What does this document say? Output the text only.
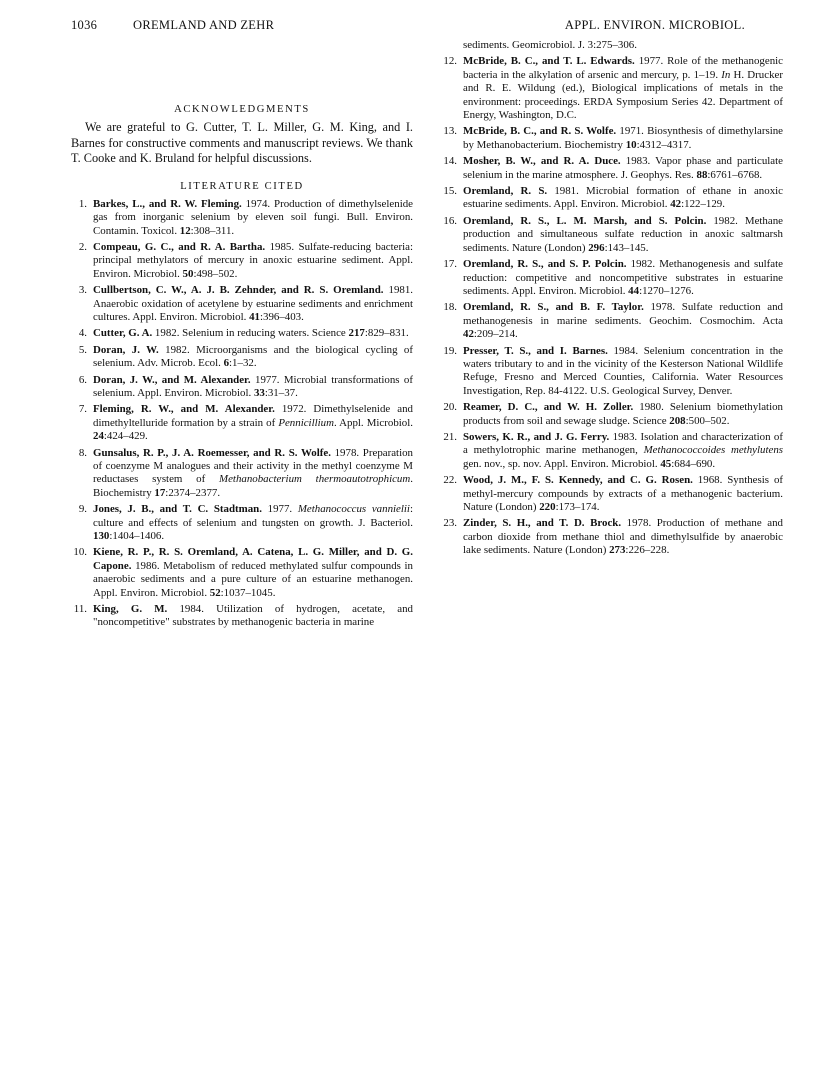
1036	OREMLAND AND ZEHR	APPL. ENVIRON. MICROBIOL.
ACKNOWLEDGMENTS

We are grateful to G. Cutter, T. L. Miller, G. M. King, and I. Barnes for constructive comments and manuscript reviews. We thank T. Cooke and K. Bruland for helpful discussions.

LITERATURE CITED
1. Barkes, L., and R. W. Fleming. 1974. Production of dimethylselenide gas from inorganic selenium by eleven soil fungi. Bull. Environ. Contamin. Toxicol. 12:308–311.
2. Compeau, G. C., and R. A. Bartha. 1985. Sulfate-reducing bacteria: principal methylators of mercury in anoxic estuarine sediment. Appl. Environ. Microbiol. 50:498–502.
3. Cullbertson, C. W., A. J. B. Zehnder, and R. S. Oremland. 1981. Anaerobic oxidation of acetylene by estuarine sediments and enrichment cultures. Appl. Environ. Microbiol. 41:396–403.
4. Cutter, G. A. 1982. Selenium in reducing waters. Science 217:829–831.
5. Doran, J. W. 1982. Microorganisms and the biological cycling of selenium. Adv. Microb. Ecol. 6:1–32.
6. Doran, J. W., and M. Alexander. 1977. Microbial transformations of selenium. Appl. Environ. Microbiol. 33:31–37.
7. Fleming, R. W., and M. Alexander. 1972. Dimethylselenide and dimethyltelluride formation by a strain of Pennicillium. Appl. Microbiol. 24:424–429.
8. Gunsalus, R. P., J. A. Roemesser, and R. S. Wolfe. 1978. Preparation of coenzyme M analogues and their activity in the methyl coenzyme M reductases system of Methanobacterium thermoautotrophicum. Biochemistry 17:2374–2377.
9. Jones, J. B., and T. C. Stadtman. 1977. Methanococcus vannielii: culture and effects of selenium and tungsten on growth. J. Bacteriol. 130:1404–1406.
10. Kiene, R. P., R. S. Oremland, A. Catena, L. G. Miller, and D. G. Capone. 1986. Metabolism of reduced methylated sulfur compounds in anaerobic sediments and a pure culture of an estuarine methanogen. Appl. Environ. Microbiol. 52:1037–1045.
11. King, G. M. 1984. Utilization of hydrogen, acetate, and "noncompetitive" substrates by methanogenic bacteria in marine
sediments. Geomicrobiol. J. 3:275–306.
12. McBride, B. C., and T. L. Edwards. 1977. Role of the methanogenic bacteria in the alkylation of arsenic and mercury, p. 1–19. In H. Drucker and R. E. Wildung (ed.), Biological implications of metals in the environment: proceedings. ERDA Symposium Series 42. Department of Energy, Washington, D.C.
13. McBride, B. C., and R. S. Wolfe. 1971. Biosynthesis of dimethylarsine by Methanobacterium. Biochemistry 10:4312–4317.
14. Mosher, B. W., and R. A. Duce. 1983. Vapor phase and particulate selenium in the marine atmosphere. J. Geophys. Res. 88:6761–6768.
15. Oremland, R. S. 1981. Microbial formation of ethane in anoxic estuarine sediments. Appl. Environ. Microbiol. 42:122–129.
16. Oremland, R. S., L. M. Marsh, and S. Polcin. 1982. Methane production and simultaneous sulfate reduction in anoxic saltmarsh sediments. Nature (London) 296:143–145.
17. Oremland, R. S., and S. P. Polcin. 1982. Methanogenesis and sulfate reduction: competitive and noncompetitive substrates in estuarine sediments. Appl. Environ. Microbiol. 44:1270–1276.
18. Oremland, R. S., and B. F. Taylor. 1978. Sulfate reduction and methanogenesis in marine sediments. Geochim. Cosmochim. Acta 42:209–214.
19. Presser, T. S., and I. Barnes. 1984. Selenium concentration in the waters tributary to and in the vicinity of the Kesterson National Wildlife Refuge, Fresno and Merced Counties, California. Water Resources Investigation, Rep. 84-4122. U.S. Geological Survey, Denver.
20. Reamer, D. C., and W. H. Zoller. 1980. Selenium biomethylation products from soil and sewage sludge. Science 208:500–502.
21. Sowers, K. R., and J. G. Ferry. 1983. Isolation and characterization of a methylotrophic marine methanogen, Methanococcoides methylutens gen. nov., sp. nov. Appl. Environ. Microbiol. 45:684–690.
22. Wood, J. M., F. S. Kennedy, and C. G. Rosen. 1968. Synthesis of methyl-mercury compounds by extracts of a methanogenic bacterium. Nature (London) 220:173–174.
23. Zinder, S. H., and T. D. Brock. 1978. Production of methane and carbon dioxide from methane thiol and dimethylsulfide by anaerobic lake sediments. Nature (London) 273:226–228.
